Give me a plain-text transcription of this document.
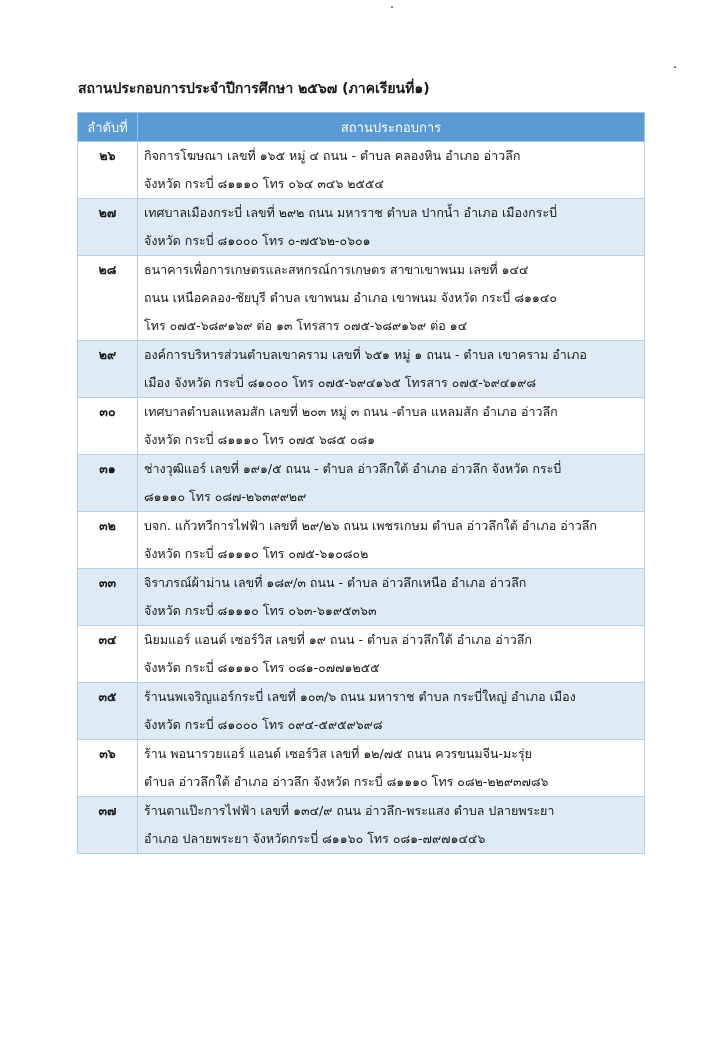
สถานประกอบการประจำปีการศึกษา ๒๕๖๗ (ภาคเรียนที่๑)
ลำดับที่	สถานประกอบการ
๒๖	กิจการโฆษณา เลขที่ ๑๖๕ หมู่ ๔ ถนน - ตำบล คลองหิน อำเภอ อ่าวลึก
จังหวัด กระบี่ ๘๑๑๑๐ โทร ๐๖๔ ๓๔๖ ๒๕๕๔

๒๗	เทศบาลเมืองกระบี่ เลขที่ ๒๙๒ ถนน มหาราช ตำบล ปากน้ำ อำเภอ เมืองกระบี่
จังหวัด กระบี่ ๘๑๐๐๐ โทร ๐-๗๕๖๒-๐๖๐๑

๒๘	ธนาคารเพื่อการเกษตรและสหกรณ์การเกษตร สาขาเขาพนม เลขที่ ๑๔๔
ถนน เหนือคลอง-ชัยบุรี ตำบล เขาพนม อำเภอ เขาพนม จังหวัด กระบี่ ๘๑๑๔๐
โทร ๐๗๕-๖๘๙๑๖๙ ต่อ ๑๓ โทรสาร ๐๗๕-๖๘๙๑๖๙ ต่อ ๑๔

๒๙	องค์การบริหารส่วนตำบลเขาคราม เลขที่ ๖๕๑ หมู่ ๑ ถนน - ตำบล เขาคราม อำเภอ
เมือง จังหวัด กระบี่ ๘๑๐๐๐ โทร ๐๗๕-๖๙๔๑๖๕ โทรสาร ๐๗๕-๖๙๔๑๙๘

๓๐	เทศบาลตำบลแหลมสัก เลขที่ ๒๐๓ หมู่ ๓ ถนน -ตำบล แหลมสัก อำเภอ อ่าวลึก
จังหวัด กระบี่ ๘๑๑๑๐ โทร ๐๗๕ ๖๘๕ ๐๘๑

๓๑	ช่างวุฒิแอร์ เลขที่ ๑๙๑/๕ ถนน - ตำบล อ่าวลึกใต้ อำเภอ อ่าวลึก จังหวัด กระบี่
๘๑๑๑๐ โทร ๐๘๗-๒๖๓๙๙๒๙

๓๒	บจก. แก้วทวีการไฟฟ้า เลขที่ ๒๙/๒๖ ถนน เพชรเกษม ตำบล อ่าวลึกใต้ อำเภอ อ่าวลึก
จังหวัด กระบี่ ๘๑๑๑๐ โทร ๐๗๕-๖๑๐๘๐๒

๓๓	จิราภรณ์ผ้าม่าน เลขที่ ๑๘๙/๓ ถนน - ตำบล อ่าวลึกเหนือ อำเภอ อ่าวลึก
จังหวัด กระบี่ ๘๑๑๑๐ โทร ๐๖๓-๖๑๙๕๓๖๓

๓๔	นิยมแอร์ แอนด์ เซอร์วิส เลขที่ ๑๙ ถนน - ตำบล อ่าวลึกใต้ อำเภอ อ่าวลึก
จังหวัด กระบี่ ๘๑๑๑๐ โทร ๐๘๑-๐๗๗๑๒๕๕

๓๕	ร้านนพเจริญแอร์กระบี่ เลขที่ ๑๐๓/๖ ถนน มหาราช ตำบล กระบี่ใหญ่ อำเภอ เมือง
จังหวัด กระบี่ ๘๑๐๐๐ โทร ๐๙๔-๕๙๕๙๖๙๘

๓๖	ร้าน พอนารวยแอร์ แอนด์ เซอร์วิส เลขที่ ๑๒/๗๕ ถนน ควรขนมจีน-มะรุ่ย
ตำบล อ่าวลึกใต้ อำเภอ อ่าวลึก จังหวัด กระบี่ ๘๑๑๑๐ โทร ๐๘๒-๒๒๙๓๗๘๖

๓๗	ร้านตาแป๊ะการไฟฟ้า เลขที่ ๑๓๔/๙ ถนน อ่าวลึก-พระแสง ตำบล ปลายพระยา
อำเภอ ปลายพระยา จังหวัดกระบี่ ๘๑๑๖๐ โทร ๐๘๑-๗๙๗๑๔๔๖
